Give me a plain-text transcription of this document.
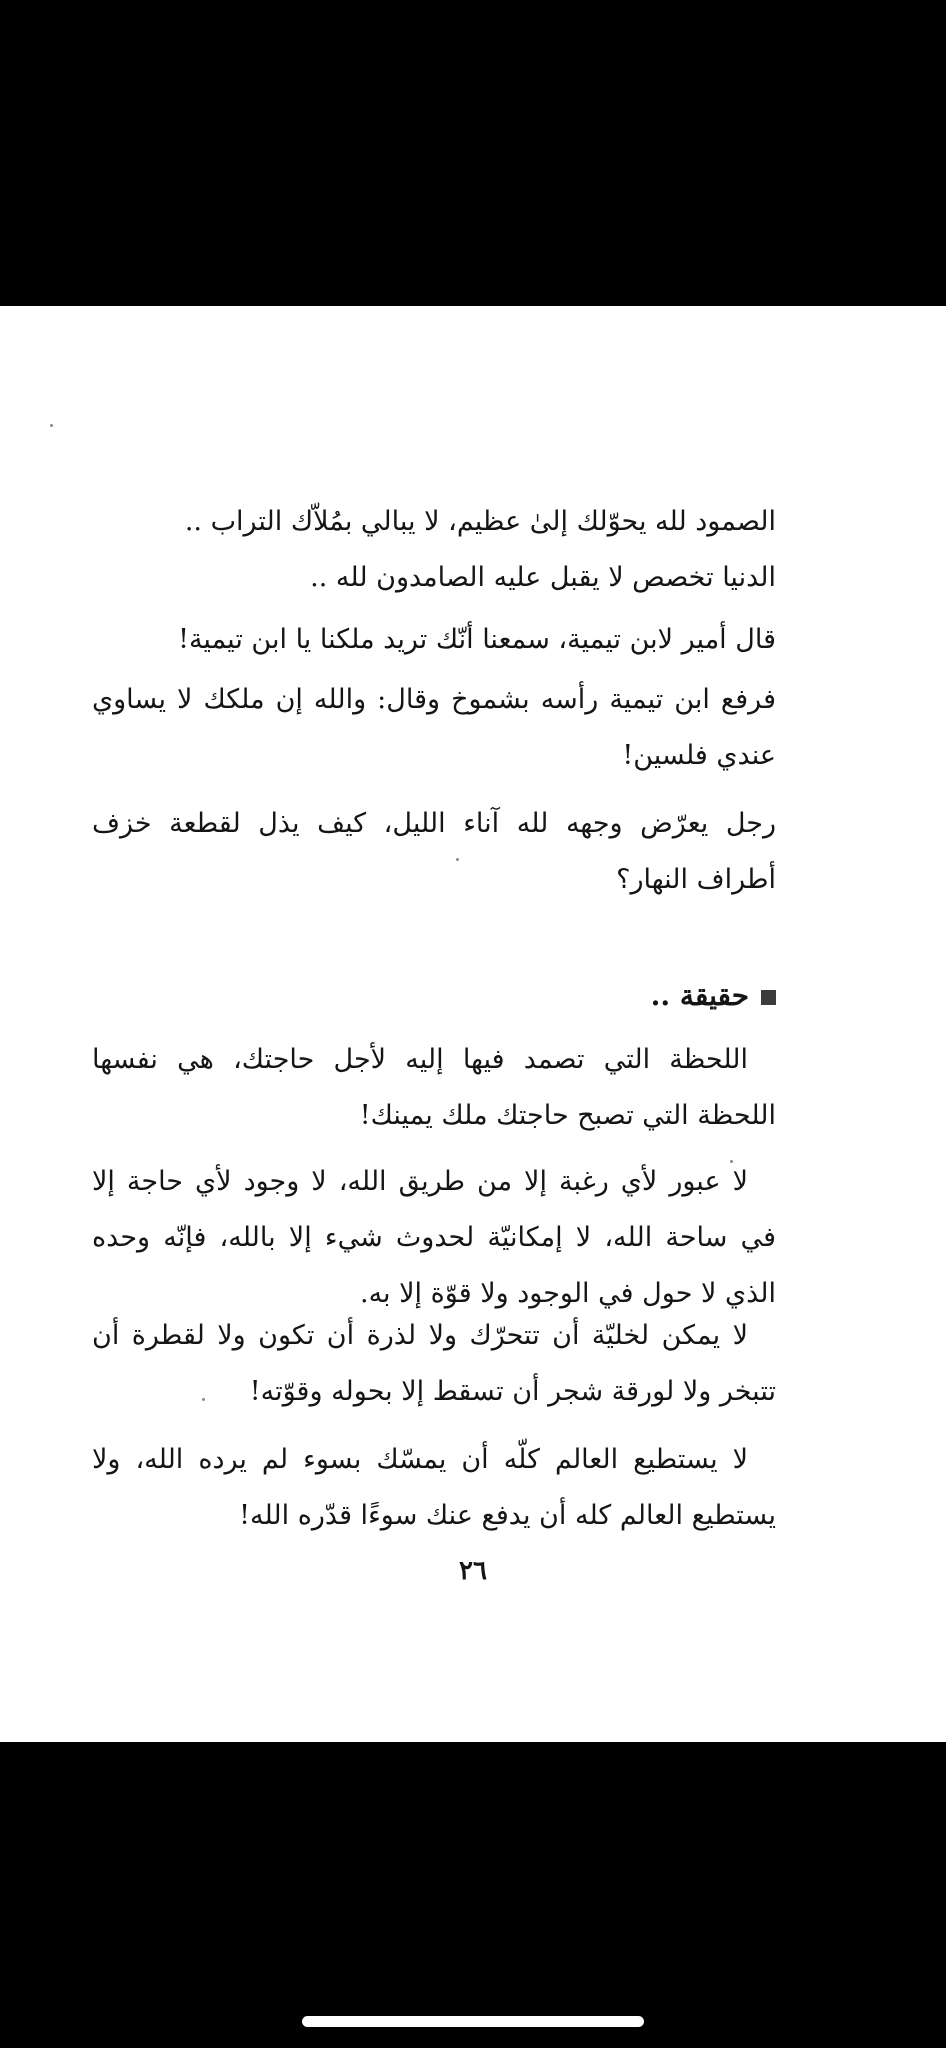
الصمود لله يحوّلك إلىٰ عظيم، لا يبالي بمُلاّك التراب ..

الدنيا تخصص لا يقبل عليه الصامدون لله ..

قال أمير لابن تيمية، سمعنا أنّك تريد ملكنا يا ابن تيمية!

فرفع ابن تيمية رأسه بشموخ وقال: والله إن ملكك لا يساوي عندي فلسين!

رجل يعرّض وجهه لله آناء الليل، كيف يذل لقطعة خزف أطراف النهار؟

حقيقة ..

اللحظة التي تصمد فيها إليه لأجل حاجتك، هي نفسها اللحظة التي تصبح حاجتك ملك يمينك!

لا عبور لأي رغبة إلا من طريق الله، لا وجود لأي حاجة إلا في ساحة الله، لا إمكانيّة لحدوث شيء إلا بالله، فإنّه وحده الذي لا حول في الوجود ولا قوّة إلا به.

لا يمكن لخليّة أن تتحرّك ولا لذرة أن تكون ولا لقطرة أن تتبخر ولا لورقة شجر أن تسقط إلا بحوله وقوّته!

لا يستطيع العالم كلّه أن يمسّك بسوء لم يرده الله، ولا يستطيع العالم كله أن يدفع عنك سوءًا قدّره الله!

٢٦
